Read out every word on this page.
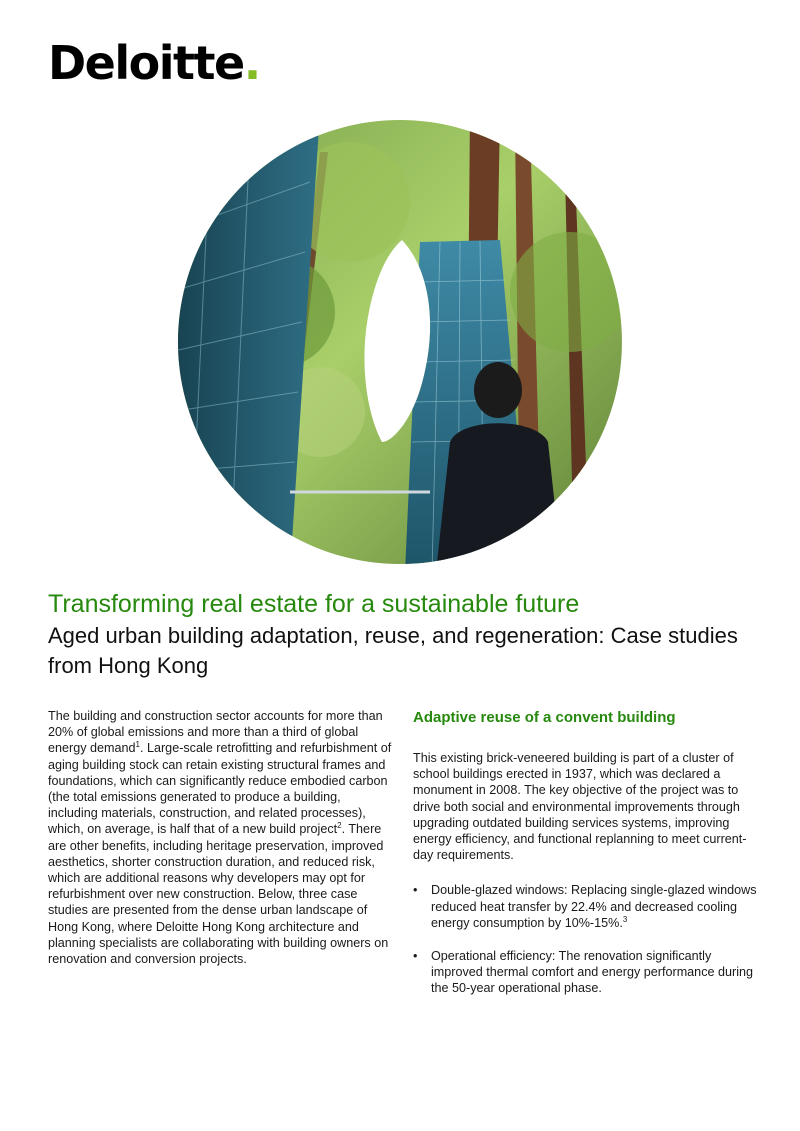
Deloitte.
Transforming real estate for a sustainable future
Aged urban building adaptation, reuse, and regeneration: Case studies from Hong Kong

The building and construction sector accounts for more than 20% of global emissions and more than a third of global energy demand$^1$. Large-scale retrofitting and refurbishment of aging building stock can retain existing structural frames and foundations, which can significantly reduce embodied carbon (the total emissions generated to produce a building, including materials, construction, and related processes), which, on average, is half that of a new build project$^2$. There are other benefits, including heritage preservation, improved aesthetics, shorter construction duration, and reduced risk, which are additional reasons why developers may opt for refurbishment over new construction. Below, three case studies are presented from the dense urban landscape of Hong Kong, where Deloitte Hong Kong architecture and planning specialists are collaborating with building owners on renovation and conversion projects.

Adaptive reuse of a convent building

This existing brick-veneered building is part of a cluster of school buildings erected in 1937, which was declared a monument in 2008. The key objective of the project was to drive both social and environmental improvements through upgrading outdated building services systems, improving energy efficiency, and functional replanning to meet current-day requirements.

• Double-glazed windows: Replacing single-glazed windows reduced heat transfer by 22.4% and decreased cooling energy consumption by 10%-15%.$^3$
• Operational efficiency: The renovation significantly improved thermal comfort and energy performance during the 50-year operational phase.
